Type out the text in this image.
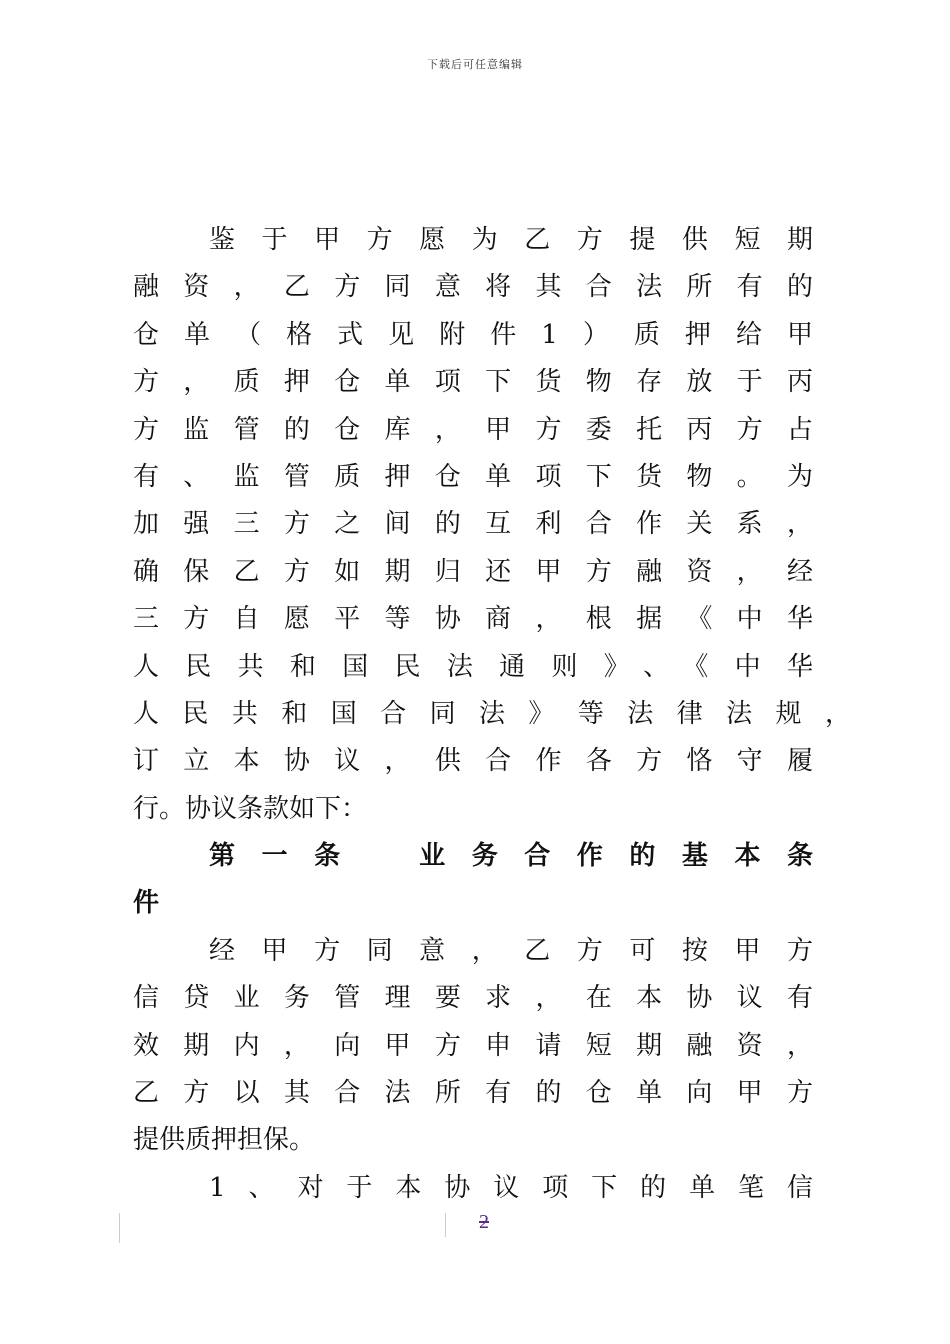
下载后可任意编辑
鉴于甲方愿为乙方提供短期
融资，乙方同意将其合法所有的
仓单（格式见附件1）质押给甲
方，质押仓单项下货物存放于丙
方监管的仓库，甲方委托丙方占
有、监管质押仓单项下货物。为
加强三方之间的互利合作关系，
确保乙方如期归还甲方融资，经
三方自愿平等协商，根据《中华
人民共和国民法通则》、《中华
人民共和国合同法》等法律法规，
订立本协议，供合作各方恪守履
行。协议条款如下：
第一条　业务合作的基本条
件
经甲方同意，乙方可按甲方
信贷业务管理要求，在本协议有
效期内，向甲方申请短期融资，
乙方以其合法所有的仓单向甲方
提供质押担保。
1、对于本协议项下的单笔信
2
